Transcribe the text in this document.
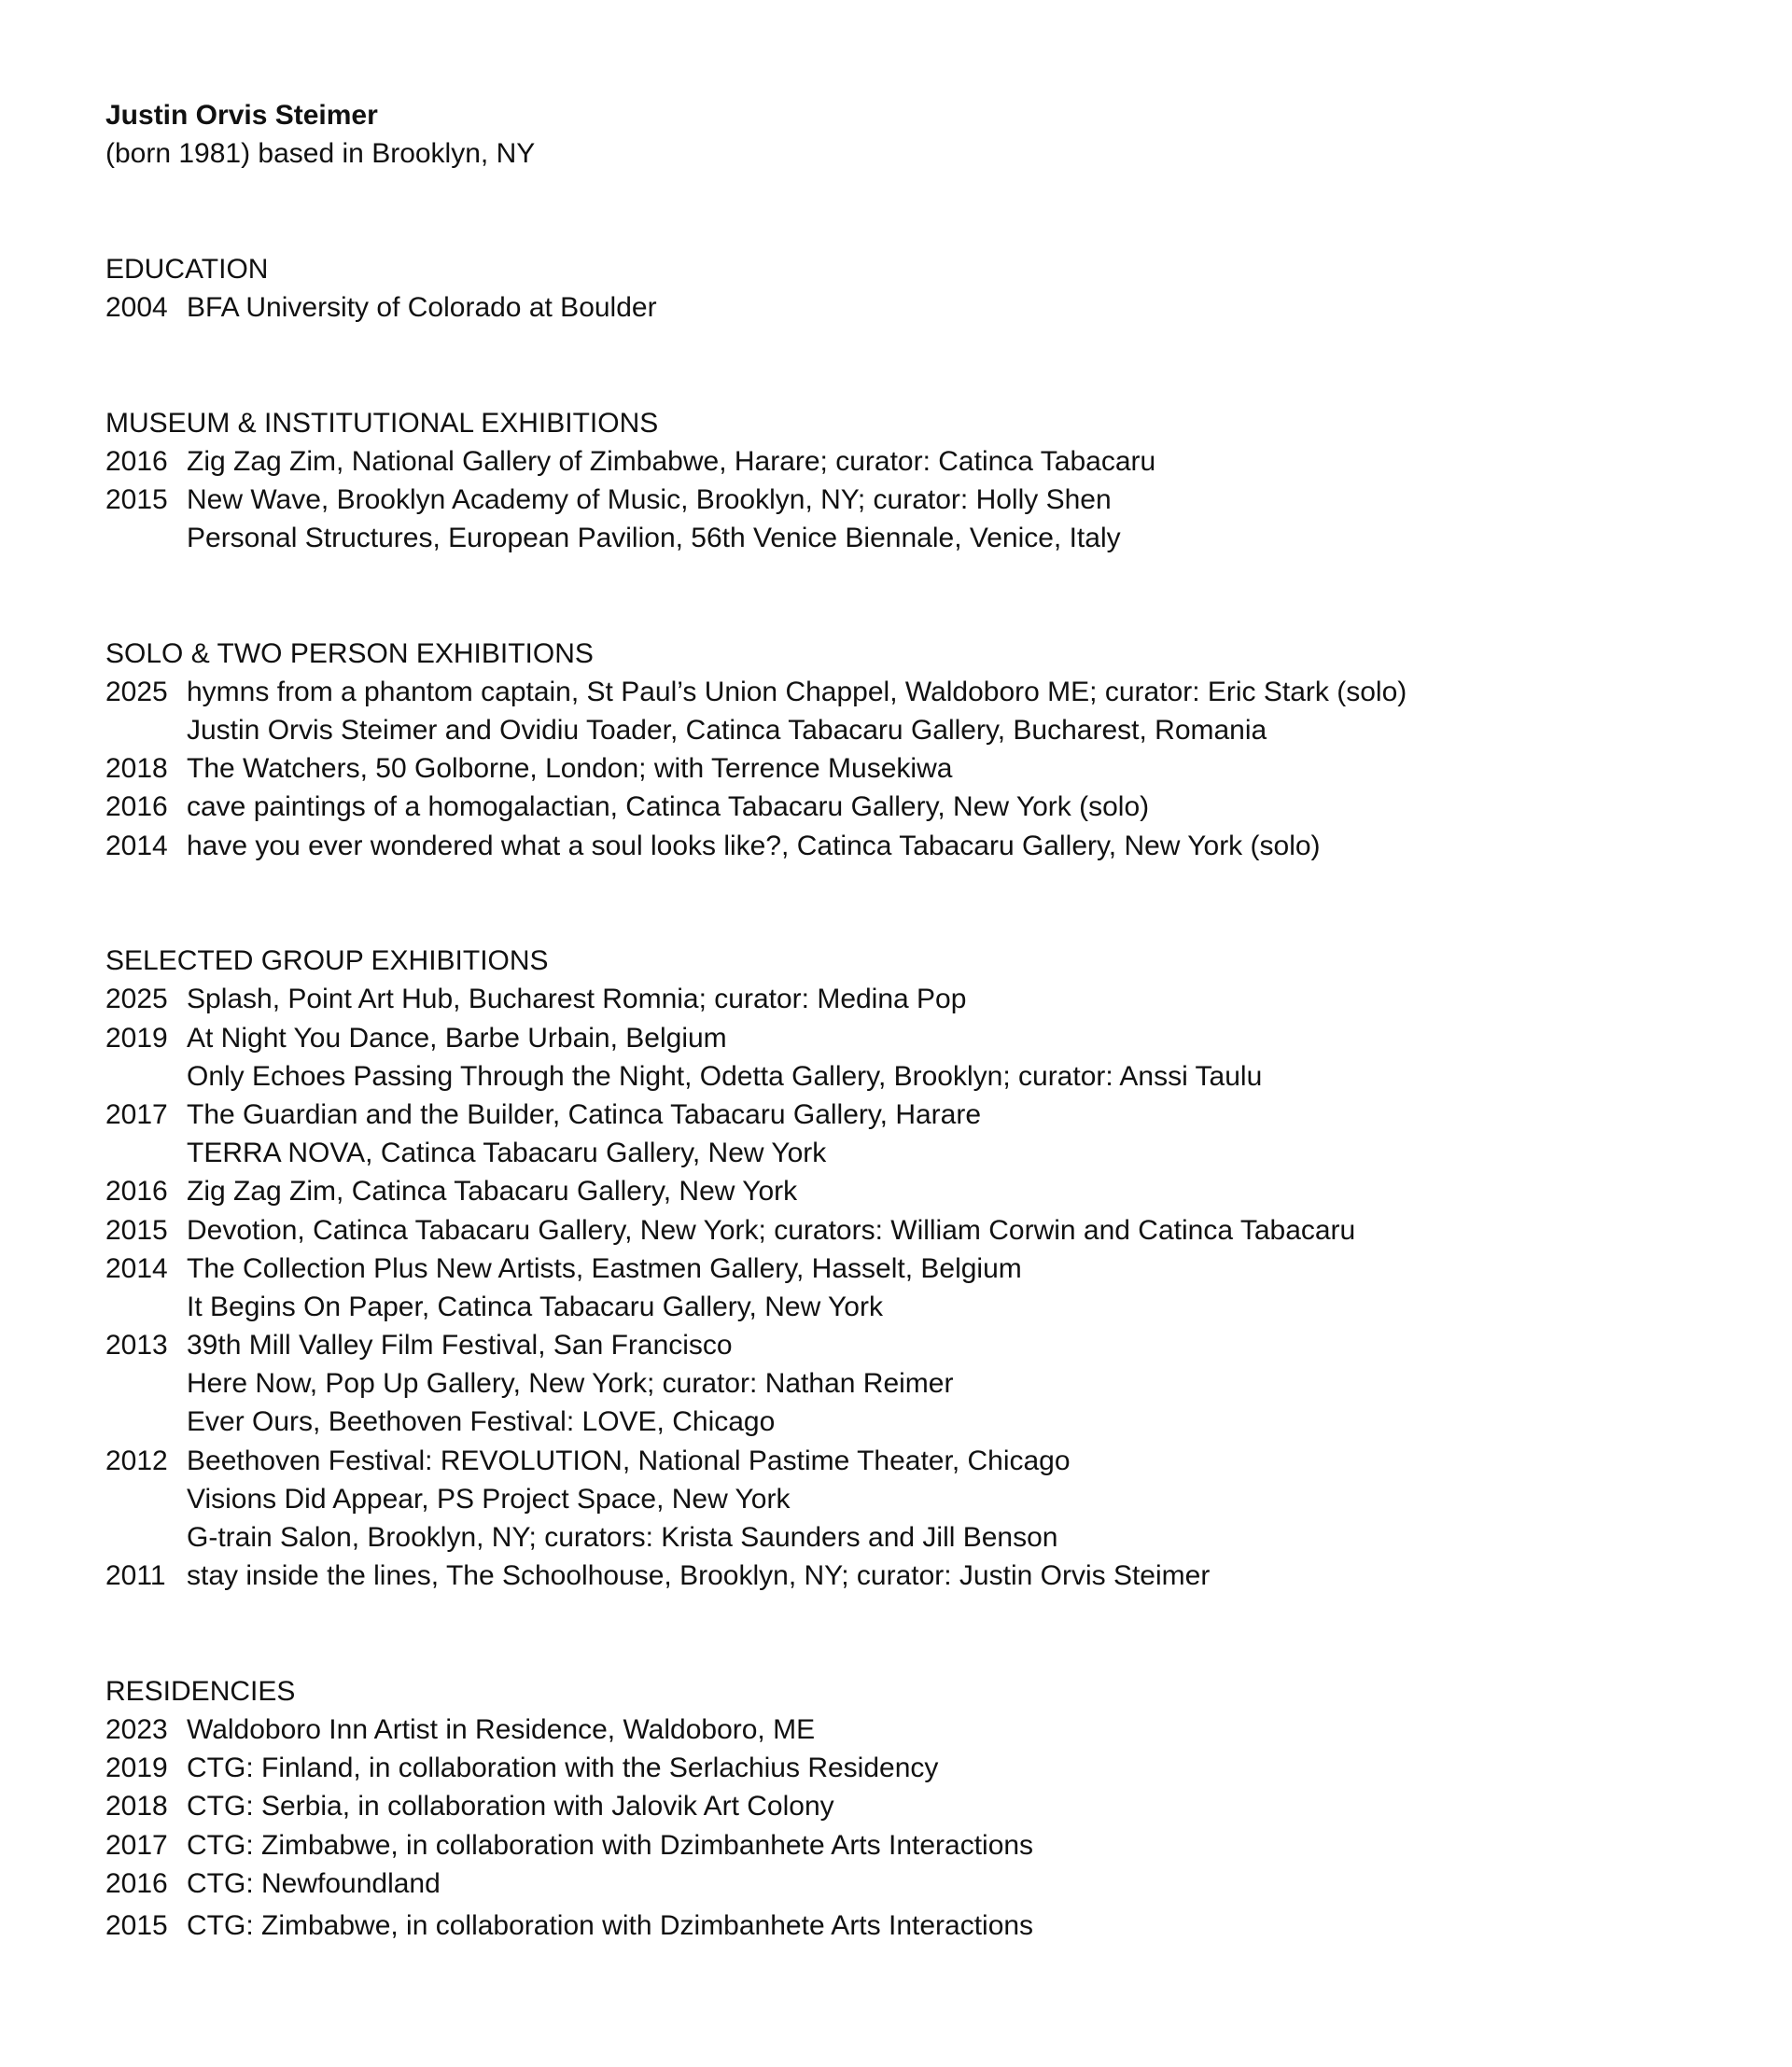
Justin Orvis Steimer
(born 1981) based in Brooklyn, NY
EDUCATION
2004 BFA University of Colorado at Boulder
MUSEUM & INSTITUTIONAL EXHIBITIONS
2016 Zig Zag Zim, National Gallery of Zimbabwe, Harare; curator: Catinca Tabacaru
2015 New Wave, Brooklyn Academy of Music, Brooklyn, NY; curator: Holly Shen
Personal Structures, European Pavilion, 56th Venice Biennale, Venice, Italy
SOLO & TWO PERSON EXHIBITIONS
2025 hymns from a phantom captain, St Paul’s Union Chappel, Waldoboro ME; curator: Eric Stark (solo)
Justin Orvis Steimer and Ovidiu Toader, Catinca Tabacaru Gallery, Bucharest, Romania
2018 The Watchers, 50 Golborne, London; with Terrence Musekiwa
2016 cave paintings of a homogalactian, Catinca Tabacaru Gallery, New York (solo)
2014 have you ever wondered what a soul looks like?, Catinca Tabacaru Gallery, New York (solo)
SELECTED GROUP EXHIBITIONS
2025 Splash, Point Art Hub, Bucharest Romnia; curator: Medina Pop
2019 At Night You Dance, Barbe Urbain, Belgium
Only Echoes Passing Through the Night, Odetta Gallery, Brooklyn; curator: Anssi Taulu
2017 The Guardian and the Builder, Catinca Tabacaru Gallery, Harare
TERRA NOVA, Catinca Tabacaru Gallery, New York
2016 Zig Zag Zim, Catinca Tabacaru Gallery, New York
2015 Devotion, Catinca Tabacaru Gallery, New York; curators: William Corwin and Catinca Tabacaru
2014 The Collection Plus New Artists, Eastmen Gallery, Hasselt, Belgium
It Begins On Paper, Catinca Tabacaru Gallery, New York
2013 39th Mill Valley Film Festival, San Francisco
Here Now, Pop Up Gallery, New York; curator: Nathan Reimer
Ever Ours, Beethoven Festival: LOVE, Chicago
2012 Beethoven Festival: REVOLUTION, National Pastime Theater, Chicago
Visions Did Appear, PS Project Space, New York
G-train Salon, Brooklyn, NY; curators: Krista Saunders and Jill Benson
2011 stay inside the lines, The Schoolhouse, Brooklyn, NY; curator: Justin Orvis Steimer
RESIDENCIES
2023 Waldoboro Inn Artist in Residence, Waldoboro, ME
2019 CTG: Finland, in collaboration with the Serlachius Residency
2018 CTG: Serbia, in collaboration with Jalovik Art Colony
2017 CTG: Zimbabwe, in collaboration with Dzimbanhete Arts Interactions
2016 CTG: Newfoundland
2015 CTG: Zimbabwe, in collaboration with Dzimbanhete Arts Interactions
